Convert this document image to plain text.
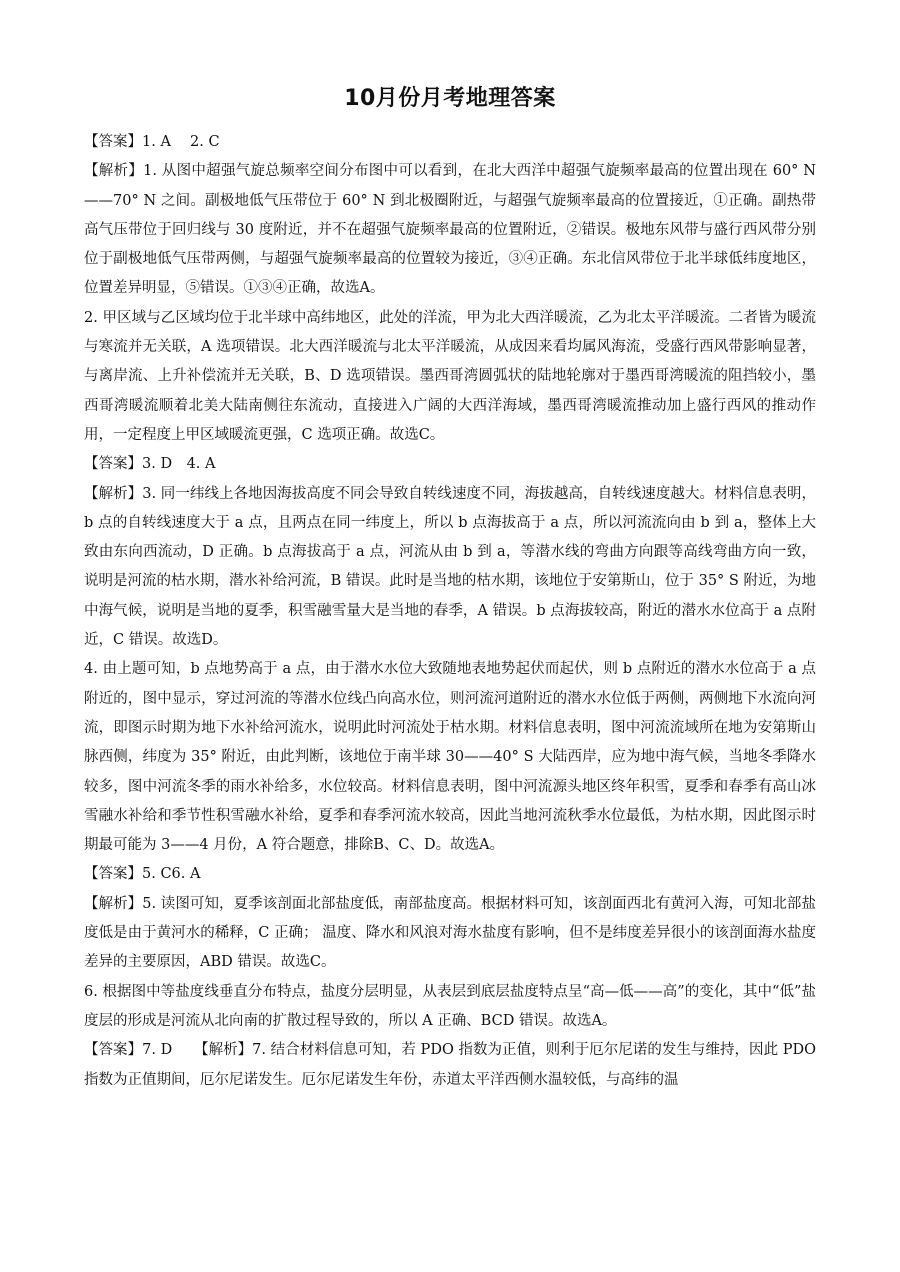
10月份月考地理答案

【答案】1. A　 2. C

【解析】1. 从图中超强气旋总频率空间分布图中可以看到，在北大西洋中超强气旋频率最高的位置出现在 60° N——70° N 之间。副极地低气压带位于 60° N 到北极圈附近，与超强气旋频率最高的位置接近，①正确。副热带高气压带位于回归线与 30 度附近，并不在超强气旋频率最高的位置附近，②错误。极地东风带与盛行西风带分别位于副极地低气压带两侧，与超强气旋频率最高的位置较为接近，③④正确。东北信风带位于北半球低纬度地区，位置差异明显，⑤错误。①③④正确，故选A。

2. 甲区域与乙区域均位于北半球中高纬地区，此处的洋流，甲为北大西洋暖流，乙为北太平洋暖流。二者皆为暖流与寒流并无关联，A 选项错误。北大西洋暖流与北太平洋暖流，从成因来看均属风海流，受盛行西风带影响显著，与离岸流、上升补偿流并无关联，B、D 选项错误。墨西哥湾圆弧状的陆地轮廓对于墨西哥湾暖流的阻挡较小，墨西哥湾暖流顺着北美大陆南侧往东流动，直接进入广阔的大西洋海域，墨西哥湾暖流推动加上盛行西风的推动作用，一定程度上甲区域暖流更强，C 选项正确。故选C。

【答案】3. D　4. A

【解析】3. 同一纬线上各地因海拔高度不同会导致自转线速度不同，海拔越高，自转线速度越大。材料信息表明，b 点的自转线速度大于 a 点，且两点在同一纬度上，所以 b 点海拔高于 a 点，所以河流流向由 b 到 a，整体上大致由东向西流动，D 正确。b 点海拔高于 a 点，河流从由 b 到 a，等潜水线的弯曲方向跟等高线弯曲方向一致，说明是河流的枯水期，潜水补给河流，B 错误。此时是当地的枯水期，该地位于安第斯山，位于 35° S 附近，为地中海气候，说明是当地的夏季，积雪融雪量大是当地的春季，A 错误。b 点海拔较高，附近的潜水水位高于 a 点附近，C 错误。故选D。

4. 由上题可知，b 点地势高于 a 点，由于潜水水位大致随地表地势起伏而起伏，则 b 点附近的潜水水位高于 a 点附近的，图中显示，穿过河流的等潜水位线凸向高水位，则河流河道附近的潜水水位低于两侧，两侧地下水流向河流，即图示时期为地下水补给河流水，说明此时河流处于枯水期。材料信息表明，图中河流流域所在地为安第斯山脉西侧，纬度为 35° 附近，由此判断，该地位于南半球 30——40° S 大陆西岸，应为地中海气候，当地冬季降水较多，图中河流冬季的雨水补给多，水位较高。材料信息表明，图中河流源头地区终年积雪，夏季和春季有高山冰雪融水补给和季节性积雪融水补给，夏季和春季河流水较高，因此当地河流秋季水位最低，为枯水期，因此图示时期最可能为 3——4 月份，A 符合题意，排除B、C、D。故选A。

【答案】5. C6. A

【解析】5. 读图可知，夏季该剖面北部盐度低，南部盐度高。根据材料可知，该剖面西北有黄河入海，可知北部盐度低是由于黄河水的稀释，C 正确； 温度、降水和风浪对海水盐度有影响，但不是纬度差异很小的该剖面海水盐度差异的主要原因，ABD 错误。故选C。

6. 根据图中等盐度线垂直分布特点，盐度分层明显，从表层到底层盐度特点呈“高—低——高”的变化，其中“低”盐度层的形成是河流从北向南的扩散过程导致的，所以 A 正确、BCD 错误。故选A。

【答案】7. D　　【解析】7. 结合材料信息可知，若 PDO 指数为正值，则利于厄尔尼诺的发生与维持，因此 PDO 指数为正值期间，厄尔尼诺发生。厄尔尼诺发生年份，赤道太平洋西侧水温较低，与高纬的温
